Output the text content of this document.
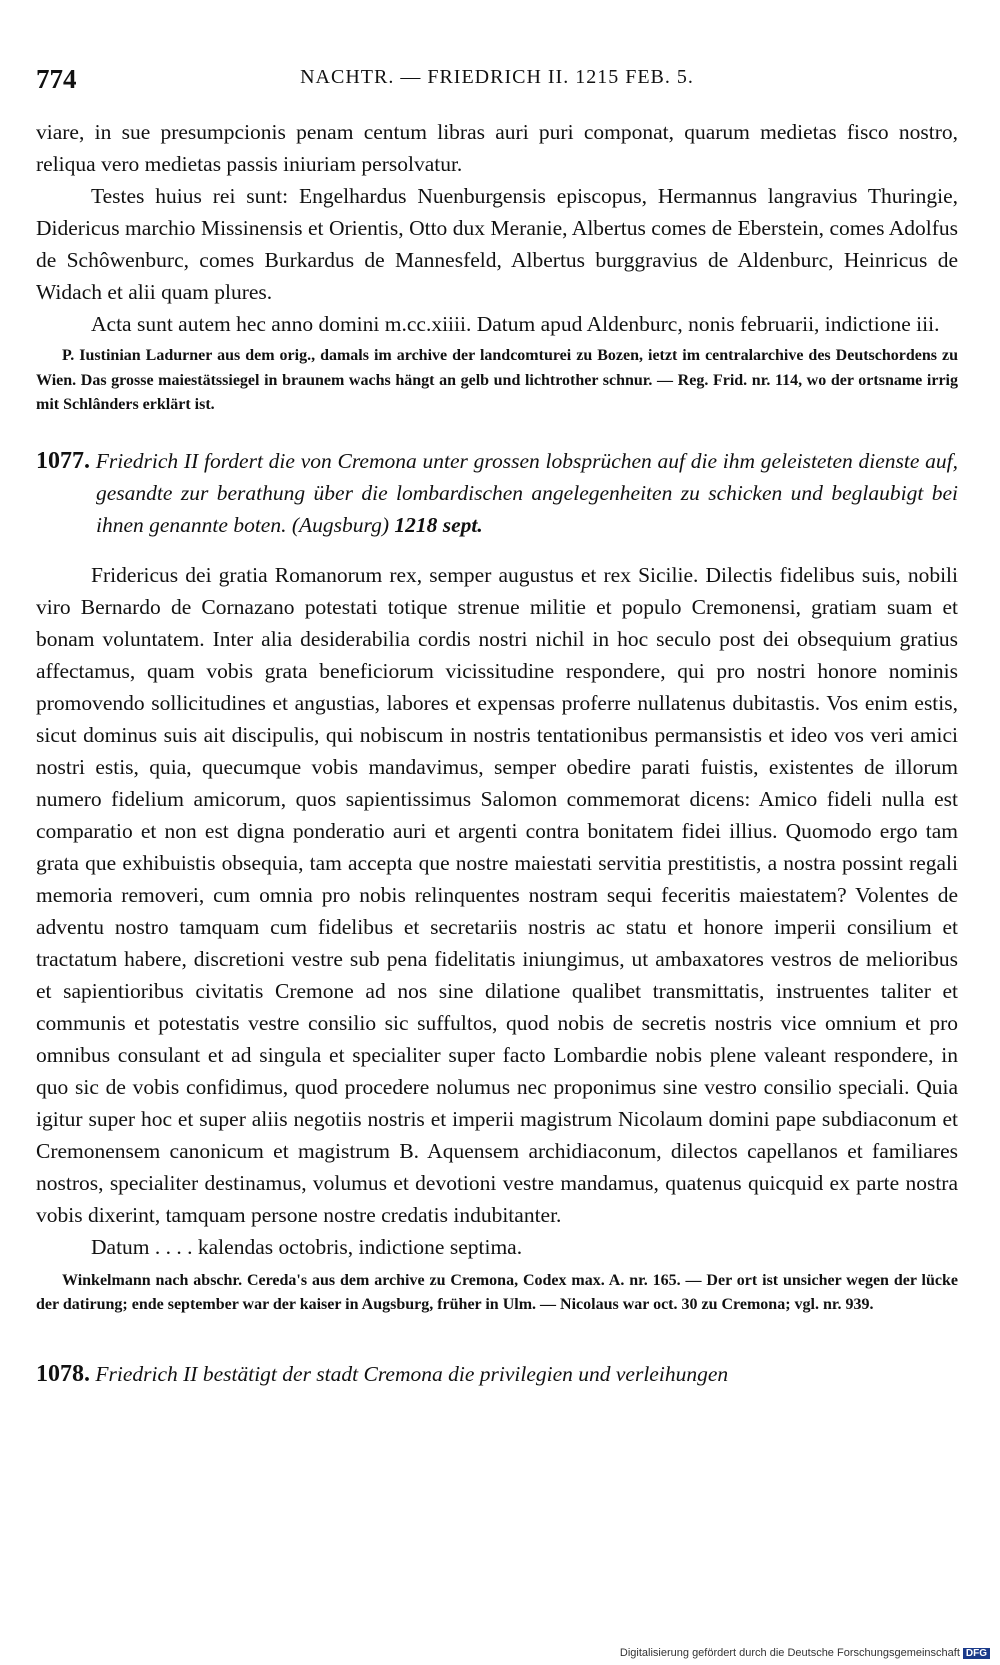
774	NACHTR. — FRIEDRICH II. 1215 FEB. 5.

viare, in sue presumpcionis penam centum libras auri puri componat, quarum medietas fisco nostro, reliqua vero medietas passis iniuriam persolvatur.

Testes huius rei sunt: Engelhardus Nuenburgensis episcopus, Hermannus langravius Thuringie, Didericus marchio Missinensis et Orientis, Otto dux Meranie, Albertus comes de Eberstein, comes Adolfus de Schôwenburc, comes Burkardus de Mannesfeld, Albertus burggravius de Aldenburc, Heinricus de Widach et alii quam plures.

Acta sunt autem hec anno domini m.cc.xiiii. Datum apud Aldenburc, nonis februarii, indictione iii.

P. Iustinian Ladurner aus dem orig., damals im archive der landcomturei zu Bozen, ietzt im centralarchive des Deutschordens zu Wien. Das grosse maiestätssiegel in braunem wachs hängt an gelb und lichtrother schnur. — Reg. Frid. nr. 114, wo der ortsname irrig mit Schlânders erklärt ist.

1077. Friedrich II fordert die von Cremona unter grossen lobsprüchen auf die ihm geleisteten dienste auf, gesandte zur berathung über die lombardischen angelegenheiten zu schicken und beglaubigt bei ihnen genannte boten. (Augsburg) 1218 sept.

Fridericus dei gratia Romanorum rex, semper augustus et rex Sicilie. Dilectis fidelibus suis, nobili viro Bernardo de Cornazano potestati totique strenue militie et populo Cremonensi, gratiam suam et bonam voluntatem. Inter alia desiderabilia cordis nostri nichil in hoc seculo post dei obsequium gratius affectamus, quam vobis grata beneficiorum vicissitudine respondere, qui pro nostri honore nominis promovendo sollicitudines et angustias, labores et expensas proferre nullatenus dubitastis. Vos enim estis, sicut dominus suis ait discipulis, qui nobiscum in nostris tentationibus permansistis et ideo vos veri amici nostri estis, quia, quecumque vobis mandavimus, semper obedire parati fuistis, existentes de illorum numero fidelium amicorum, quos sapientissimus Salomon commemorat dicens: Amico fideli nulla est comparatio et non est digna ponderatio auri et argenti contra bonitatem fidei illius. Quomodo ergo tam grata que exhibuistis obsequia, tam accepta que nostre maiestati servitia prestitistis, a nostra possint regali memoria removeri, cum omnia pro nobis relinquentes nostram sequi feceritis maiestatem? Volentes de adventu nostro tamquam cum fidelibus et secretariis nostris ac statu et honore imperii consilium et tractatum habere, discretioni vestre sub pena fidelitatis iniungimus, ut ambaxatores vestros de melioribus et sapientioribus civitatis Cremone ad nos sine dilatione qualibet transmittatis, instruentes taliter et communis et potestatis vestre consilio sic suffultos, quod nobis de secretis nostris vice omnium et pro omnibus consulant et ad singula et specialiter super facto Lombardie nobis plene valeant respondere, in quo sic de vobis confidimus, quod procedere nolumus nec proponimus sine vestro consilio speciali. Quia igitur super hoc et super aliis negotiis nostris et imperii magistrum Nicolaum domini pape subdiaconum et Cremonensem canonicum et magistrum B. Aquensem archidiaconum, dilectos capellanos et familiares nostros, specialiter destinamus, volumus et devotioni vestre mandamus, quatenus quicquid ex parte nostra vobis dixerint, tamquam persone nostre credatis indubitanter.

Datum . . . . kalendas octobris, indictione septima.

Winkelmann nach abschr. Cereda's aus dem archive zu Cremona, Codex max. A. nr. 165. — Der ort ist unsicher wegen der lücke der datirung; ende september war der kaiser in Augsburg, früher in Ulm. — Nicolaus war oct. 30 zu Cremona; vgl. nr. 939.

1078. Friedrich II bestätigt der stadt Cremona die privilegien und verleihungen

Digitalisierung gefördert durch die Deutsche Forschungsgemeinschaft DFG
